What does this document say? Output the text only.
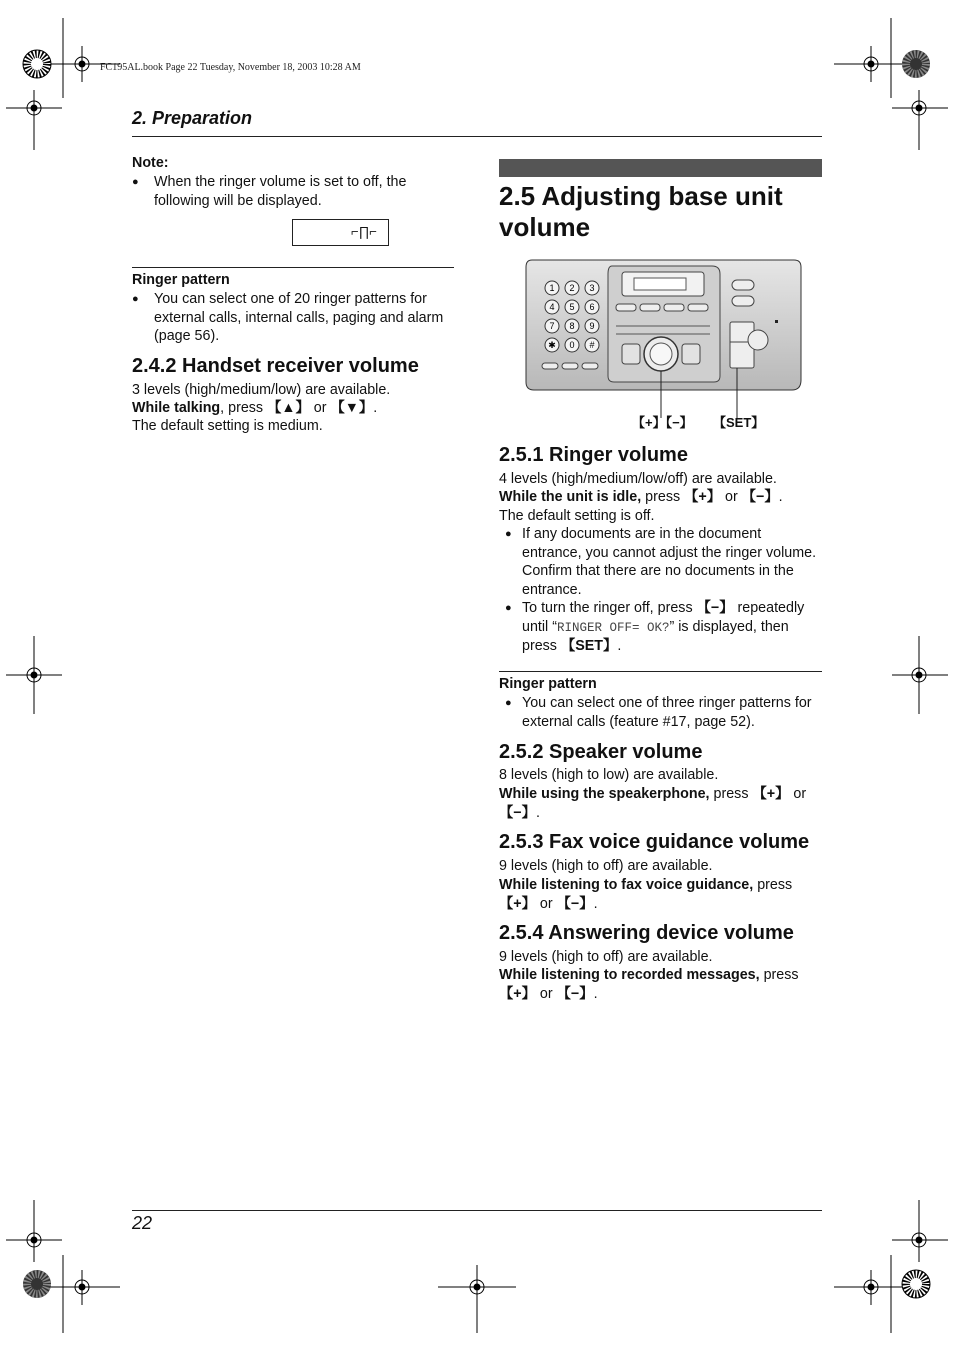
FC195AL.book Page 22 Tuesday, November 18, 2003 10:28 AM
2. Preparation
Note:
● When the ringer volume is set to off, the following will be displayed.
⌐∏⌐
Ringer pattern
● You can select one of 20 ringer patterns for external calls, internal calls, paging and alarm (page 56).
2.4.2 Handset receiver volume
3 levels (high/medium/low) are available.
While talking, press 【▲】 or 【▼】.
The default setting is medium.
2.5 Adjusting base unit volume
1 2 3
4 5 6
7 8 9
✱ 0 #
【+】【−】 【SET】
2.5.1 Ringer volume
4 levels (high/medium/low/off) are available.
While the unit is idle, press 【+】 or 【−】.
The default setting is off.
● If any documents are in the document entrance, you cannot adjust the ringer volume. Confirm that there are no documents in the entrance.
● To turn the ringer off, press 【−】 repeatedly until “RINGER OFF= OK?” is displayed, then press 【SET】.
Ringer pattern
● You can select one of three ringer patterns for external calls (feature #17, page 52).
2.5.2 Speaker volume
8 levels (high to low) are available.
While using the speakerphone, press 【+】 or 【−】.
2.5.3 Fax voice guidance volume
9 levels (high to off) are available.
While listening to fax voice guidance, press
【+】 or 【−】.
2.5.4 Answering device volume
9 levels (high to off) are available.
While listening to recorded messages, press
【+】 or 【−】.
22
